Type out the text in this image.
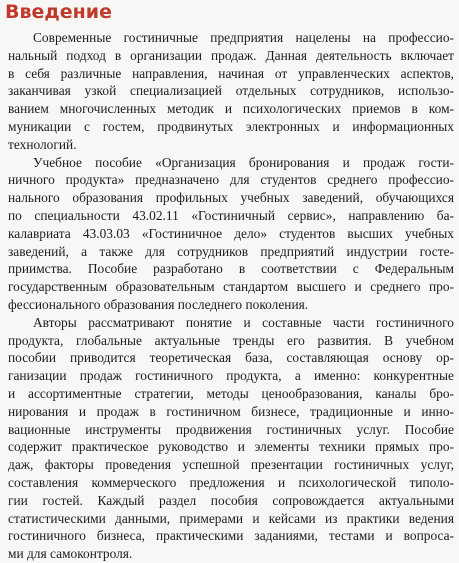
Введение
Современные гостиничные предприятия нацелены на профессио-
нальный подход в организации продаж. Данная деятельность включает
в себя различные направления, начиная от управленческих аспектов,
заканчивая узкой специализацией отдельных сотрудников, использо-
ванием многочисленных методик и психологических приемов в ком-
муникации с гостем, продвинутых электронных и информационных
технологий.
Учебное пособие «Организация бронирования и продаж гости-
ничного продукта» предназначено для студентов среднего профессио-
нального образования профильных учебных заведений, обучающихся
по специальности 43.02.11 «Гостиничный сервис», направлению ба-
калавриата 43.03.03 «Гостиничное дело» студентов высших учебных
заведений, а также для сотрудников предприятий индустрии госте-
приимства. Пособие разработано в соответствии с Федеральным
государственным образовательным стандартом высшего и среднего про-
фессионального образования последнего поколения.
Авторы рассматривают понятие и составные части гостиничного
продукта, глобальные актуальные тренды его развития. В учебном
пособии приводится теоретическая база, составляющая основу ор-
ганизации продаж гостиничного продукта, а именно: конкурентные
и ассортиментные стратегии, методы ценообразования, каналы бро-
нирования и продаж в гостиничном бизнесе, традиционные и инно-
вационные инструменты продвижения гостиничных услуг. Пособие
содержит практическое руководство и элементы техники прямых про-
даж, факторы проведения успешной презентации гостиничных услуг,
составления коммерческого предложения и психологической типоло-
гии гостей. Каждый раздел пособия сопровождается актуальными
статистическими данными, примерами и кейсами из практики ведения
гостиничного бизнеса, практическими заданиями, тестами и вопроса-
ми для самоконтроля.
